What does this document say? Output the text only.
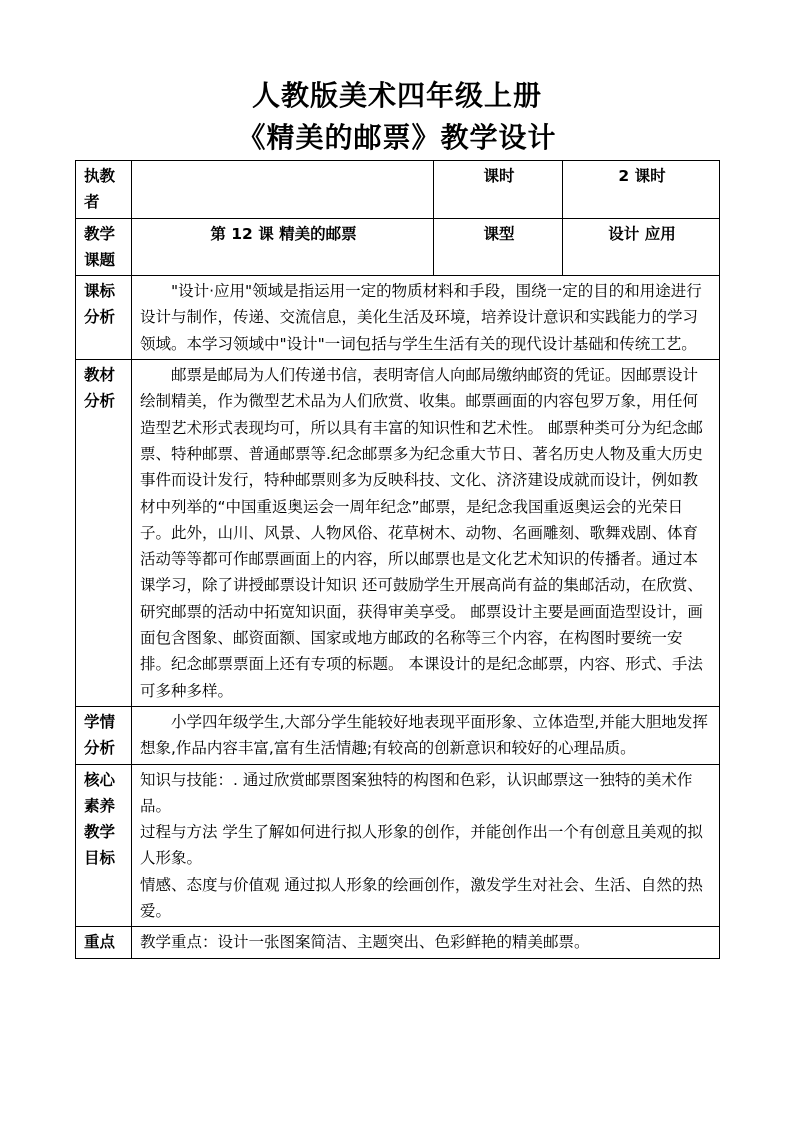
人教版美术四年级上册
《精美的邮票》教学设计
执教者		课时	2 课时
教学课题	第 12 课 精美的邮票	课型	设计 应用
课标分析	"设计·应用"领域是指运用一定的物质材料和手段，围绕一定的目的和用途进行设计与制作，传递、交流信息，美化生活及环境，培养设计意识和实践能力的学习领域。本学习领域中"设计"一词包括与学生生活有关的现代设计基础和传统工艺。		
教材分析	邮票是邮局为人们传递书信，表明寄信人向邮局缴纳邮资的凭证。因邮票设计绘制精美，作为微型艺术品为人们欣赏、收集。邮票画面的内容包罗万象，用任何造型艺术形式表现均可，所以具有丰富的知识性和艺术性。 邮票种类可分为纪念邮票、特种邮票、普通邮票等.纪念邮票多为纪念重大节日、著名历史人物及重大历史事件而设计发行，特种邮票则多为反映科技、文化、济济建设成就而设计，例如教材中列举的“中国重返奥运会一周年纪念”邮票，是纪念我国重返奥运会的光荣日子。此外，山川、风景、人物风俗、花草树木、动物、名画雕刻、歌舞戏剧、体育活动等等都可作邮票画面上的内容，所以邮票也是文化艺术知识的传播者。通过本课学习，除了讲授邮票设计知识 还可鼓励学生开展高尚有益的集邮活动，在欣赏、研究邮票的活动中拓宽知识面，获得审美享受。 邮票设计主要是画面造型设计，画面包含图象、邮资面额、国家或地方邮政的名称等三个内容，在构图时要统一安排。纪念邮票票面上还有专项的标题。 本课设计的是纪念邮票，内容、形式、手法可多种多样。		
学情分析	小学四年级学生,大部分学生能较好地表现平面形象、立体造型,并能大胆地发挥想象,作品内容丰富,富有生活情趣;有较高的创新意识和较好的心理品质。		
核心素养教学目标	知识与技能：. 通过欣赏邮票图案独特的构图和色彩，认识邮票这一独特的美术作品。
过程与方法 学生了解如何进行拟人形象的创作，并能创作出一个有创意且美观的拟人形象。
情感、态度与价值观 通过拟人形象的绘画创作，激发学生对社会、生活、自然的热爱。		

重点	教学重点：设计一张图案简洁、主题突出、色彩鲜艳的精美邮票。		
